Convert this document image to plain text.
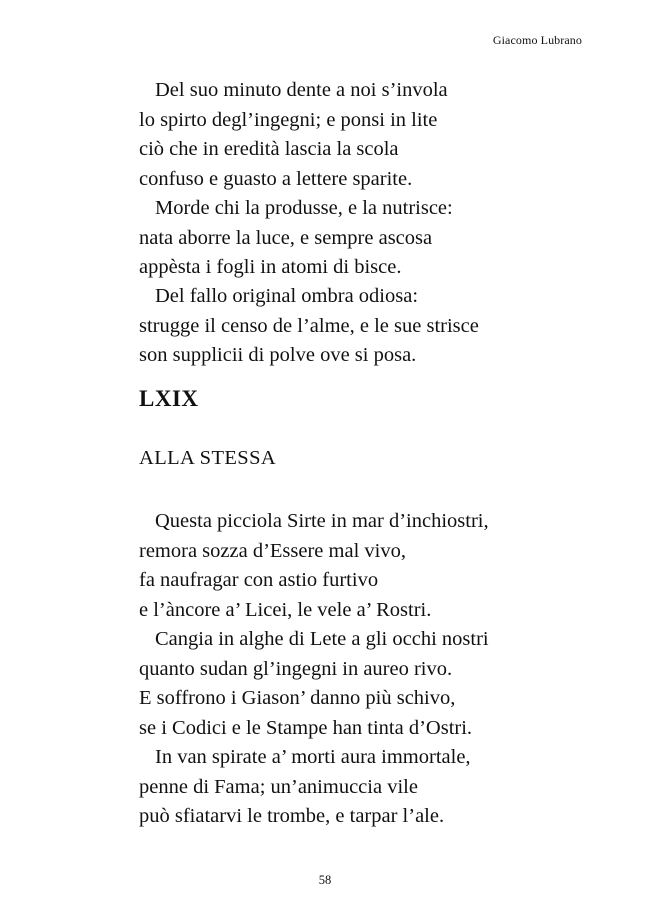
Giacomo Lubrano
Del suo minuto dente a noi s’invola
lo spirto degl’ingegni; e ponsi in lite
ciò che in eredità lascia la scola
confuso e guasto a lettere sparite.
Morde chi la produsse, e la nutrisce:
nata aborre la luce, e sempre ascosa
appèsta i fogli in atomi di bisce.
Del fallo original ombra odiosa:
strugge il censo de l’alme, e le sue strisce
son supplicii di polve ove si posa.
LXIX
ALLA STESSA
Questa picciola Sirte in mar d’inchiostri,
remora sozza d’Essere mal vivo,
fa naufragar con astio furtivo
e l’àncore a’ Licei, le vele a’ Rostri.
Cangia in alghe di Lete a gli occhi nostri
quanto sudan gl’ingegni in aureo rivo.
E soffrono i Giason’ danno più schivo,
se i Codici e le Stampe han tinta d’Ostri.
In van spirate a’ morti aura immortale,
penne di Fama; un’animuccia vile
può sfiatarvi le trombe, e tarpar l’ale.
58
